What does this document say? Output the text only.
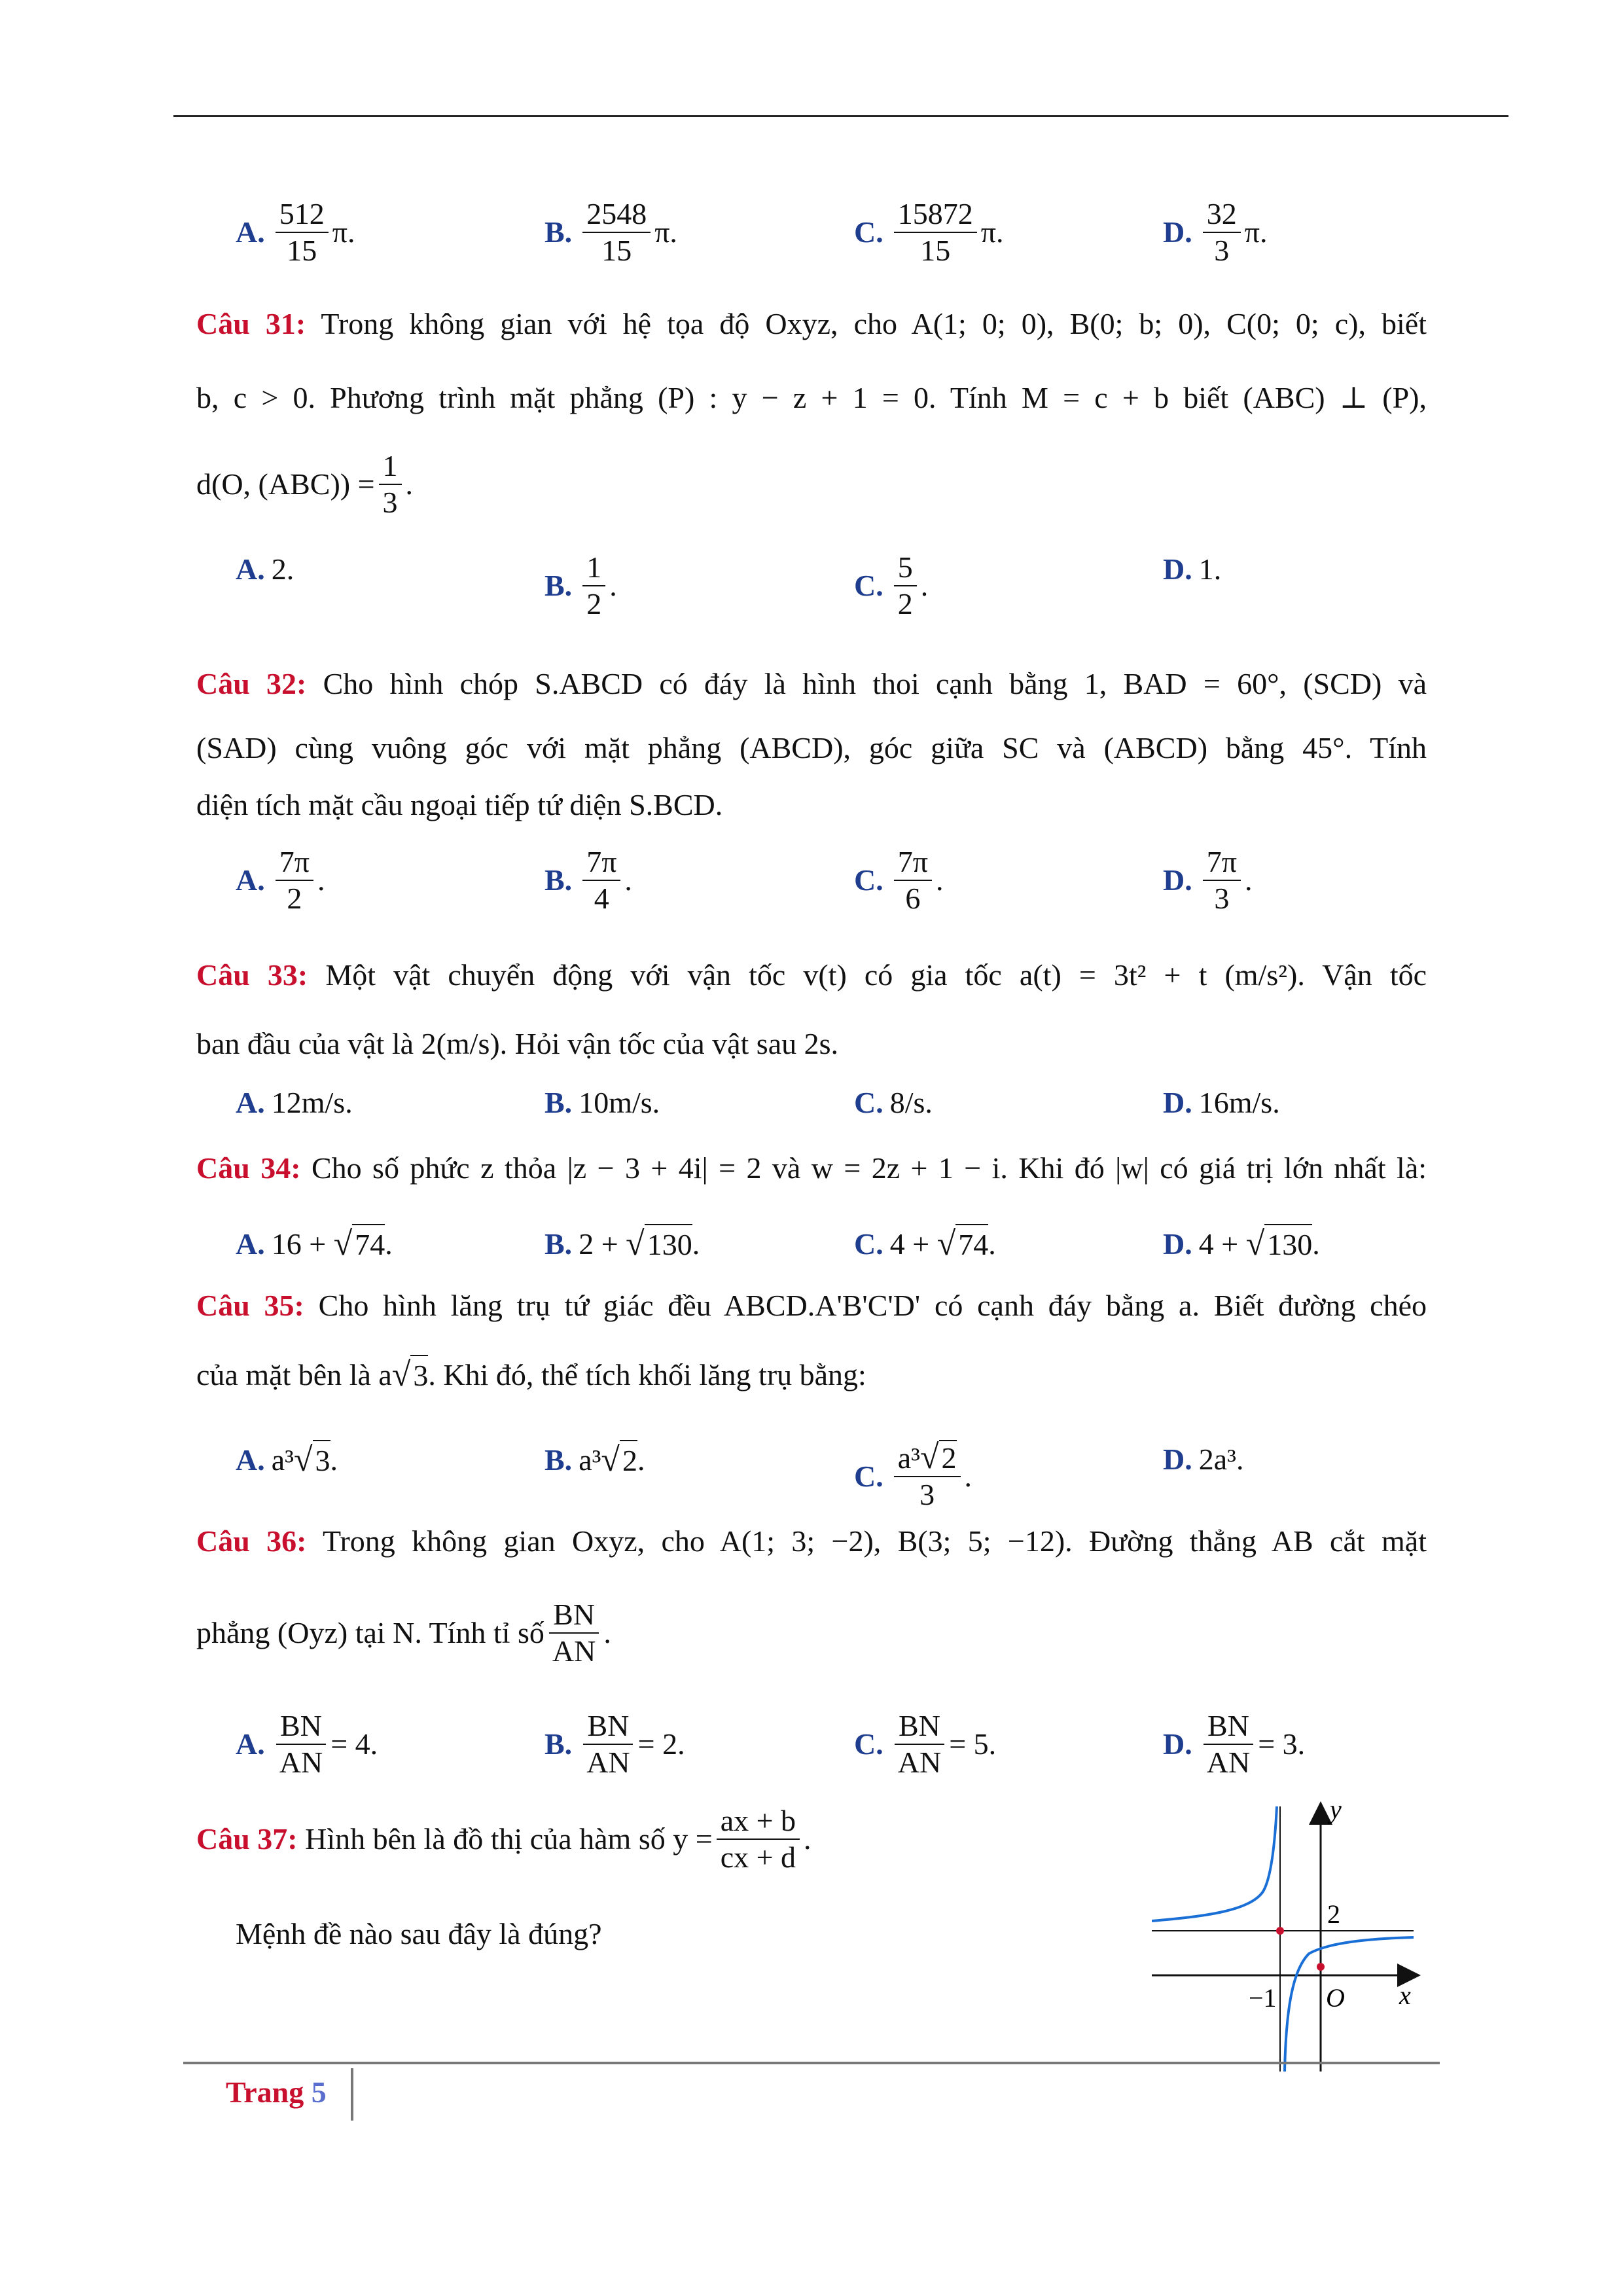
A. $\frac{512}{15} \pi$.	B. $\frac{2548}{15} \pi$.	C. $\frac{15872}{15} \pi$.	D. $\frac{32}{3} \pi$.
Câu 31: Trong không gian với hệ tọa độ Oxyz, cho A(1; 0; 0), B(0; b; 0), C(0; 0; c), biết
b, c > 0. Phương trình mặt phẳng (P) : y − z + 1 = 0. Tính M = c + b biết (ABC) ⊥ (P),
d(O, $(ABC)) = \frac{1}{3}$ .
A. 2.	B. $\frac{1}{2}$ .	C. $\frac{5}{2}$ .	D. 1.
Câu 32: Cho hình chóp S.ABCD có đáy là hình thoi cạnh bằng 1, BAD = 60°, (SCD) và
(SAD) cùng vuông góc với mặt phẳng (ABCD), góc giữa SC và (ABCD) bằng 45°. Tính
diện tích mặt cầu ngoại tiếp tứ diện S.BCD.
A. $\frac{7\pi}{2}$ .	B. $\frac{7\pi}{4}$ .	C. $\frac{7\pi}{6}$ .	D. $\frac{7\pi}{3}$ .
Câu 33: Một vật chuyển động với vận tốc v(t) có gia tốc a(t) = 3t² + t (m/s²). Vận tốc
ban đầu của vật là 2(m/s). Hỏi vận tốc của vật sau 2s.
A. 12m/s.	B. 10m/s.	C. 8/s.	D. 16m/s.
Câu 34: Cho số phức z thỏa |z − 3 + 4i| = 2 và w = 2z + 1 − i. Khi đó |w| có giá trị lớn nhất là:
A. 16 +
√ 74 .	B. 2 +
√ 130 .	C. 4 +
√ 74 .	D. 4 +
√ 130 .
Câu 35: Cho hình lăng trụ tứ giác đều ABCD.A'B'C'D' có cạnh đáy bằng a. Biết đường chéo
của mặt bên là a √ 3 . Khi đó, thể tích khối lăng trụ bằng:
A. a³ √ 3 .	B. a³ √ 2 .	C. $\frac{\text{a³√2}}{3}$ .	D. 2a³.
Câu 36: Trong không gian Oxyz, cho A(1; 3; −2), B(3; 5; −12). Đường thẳng AB cắt mặt
phẳng (Oyz) tại N. Tính tỉ số $\frac{BN}{AN}$ .
A. $\frac{BN}{AN} = 4$.	B. $\frac{BN}{AN} = 2$.	C. $\frac{BN}{AN} = 5$.	D. $\frac{BN}{AN} = 3$.
Câu 37:
Hình bên là đồ thị của hàm số $y = \frac{ax + b}{cx + d}$ .
Mệnh đề nào sau đây là đúng?
y
x
O
2
−1
Trang 5
